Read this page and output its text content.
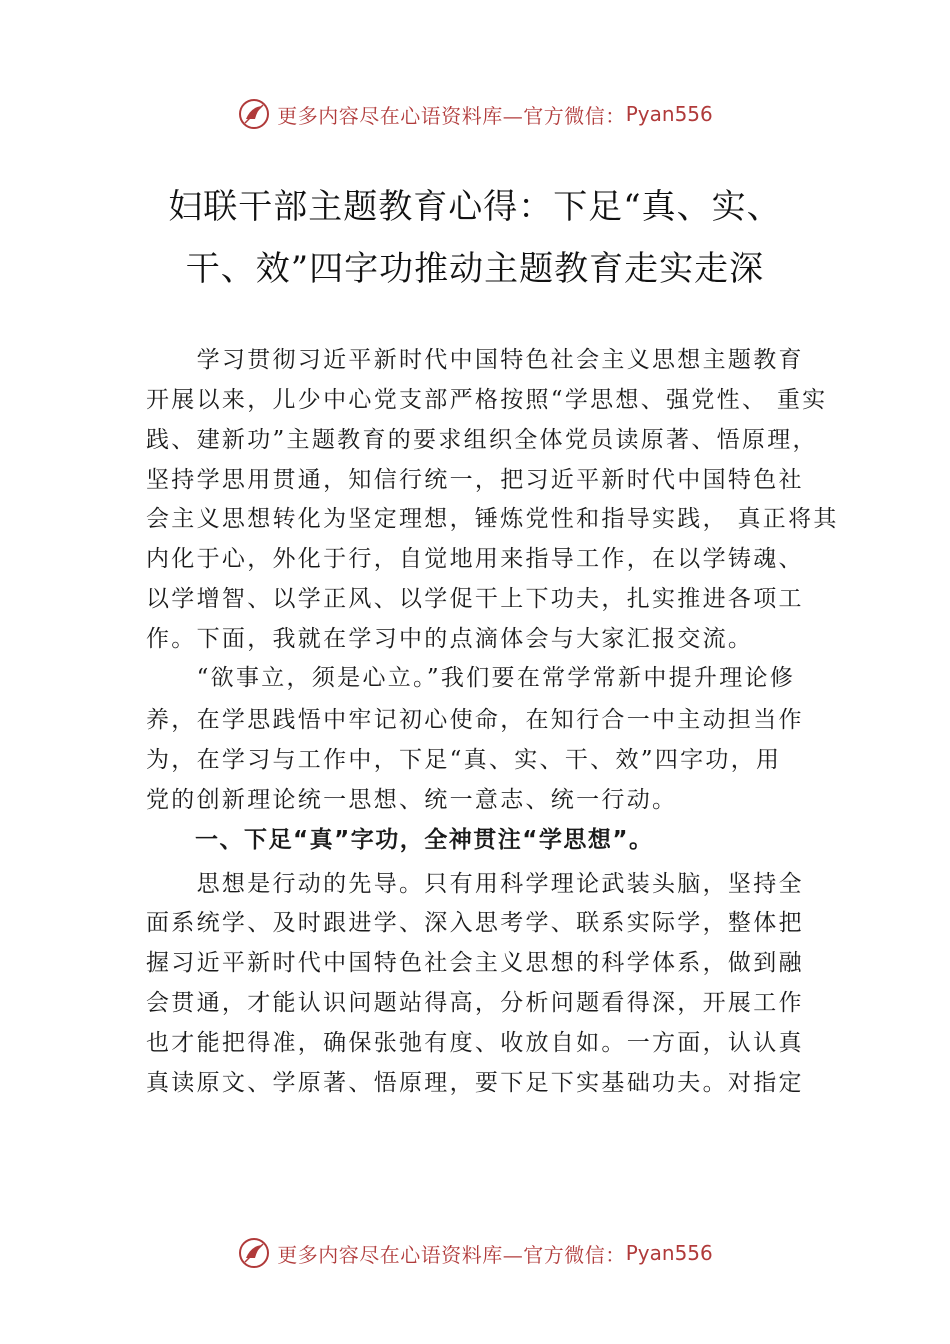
更多内容尽在心语资料库—官方微信： Pyan556
妇联干部主题教育心得：下足“真、实、
干、效”四字功推动主题教育走实走深
　　学习贯彻习近平新时代中国特色社会主义思想主题教育
开展以来，儿少中心党支部严格按照“学思想、强党性、 重实
践、建新功”主题教育的要求组织全体党员读原著、悟原理，
坚持学思用贯通，知信行统一，把习近平新时代中国特色社
会主义思想转化为坚定理想，锤炼党性和指导实践， 真正将其
内化于心，外化于行，自觉地用来指导工作，在以学铸魂、
以学增智、以学正风、以学促干上下功夫，扎实推进各项工
作。下面，我就在学习中的点滴体会与大家汇报交流。
　　“欲事立，须是心立。”我们要在常学常新中提升理论修
养，在学思践悟中牢记初心使命，在知行合一中主动担当作
为，在学习与工作中，下足“真、实、干、效”四字功，用
党的创新理论统一思想、统一意志、统一行动。
　　一、下足“真”字功，全神贯注“学思想”。
　　思想是行动的先导。只有用科学理论武装头脑，坚持全
面系统学、及时跟进学、深入思考学、联系实际学，整体把
握习近平新时代中国特色社会主义思想的科学体系，做到融
会贯通，才能认识问题站得高，分析问题看得深，开展工作
也才能把得准，确保张弛有度、收放自如。一方面，认认真
真读原文、学原著、悟原理，要下足下实基础功夫。对指定
更多内容尽在心语资料库—官方微信： Pyan556
